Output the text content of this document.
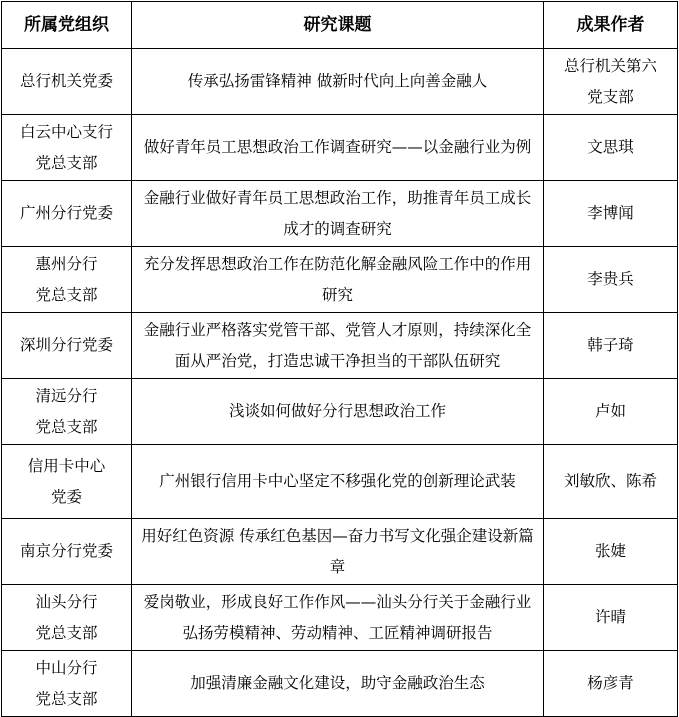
所属党组织	研究课题	成果作者
总行机关党委	传承弘扬雷锋精神 做新时代向上向善金融人	总行机关第六党支部
白云中心支行党总支部	做好青年员工思想政治工作调查研究——以金融行业为例	文思琪
广州分行党委	金融行业做好青年员工思想政治工作，助推青年员工成长成才的调查研究	李博闻
惠州分行党总支部	充分发挥思想政治工作在防范化解金融风险工作中的作用研究	李贵兵
深圳分行党委	金融行业严格落实党管干部、党管人才原则，持续深化全面从严治党，打造忠诚干净担当的干部队伍研究	韩子琦
清远分行党总支部	浅谈如何做好分行思想政治工作	卢如
信用卡中心党委	广州银行信用卡中心坚定不移强化党的创新理论武装	刘敏欣、陈希
南京分行党委	用好红色资源 传承红色基因—奋力书写文化强企建设新篇章	张婕
汕头分行党总支部	爱岗敬业，形成良好工作作风——汕头分行关于金融行业弘扬劳模精神、劳动精神、工匠精神调研报告	许晴
中山分行党总支部	加强清廉金融文化建设，助守金融政治生态	杨彦青
